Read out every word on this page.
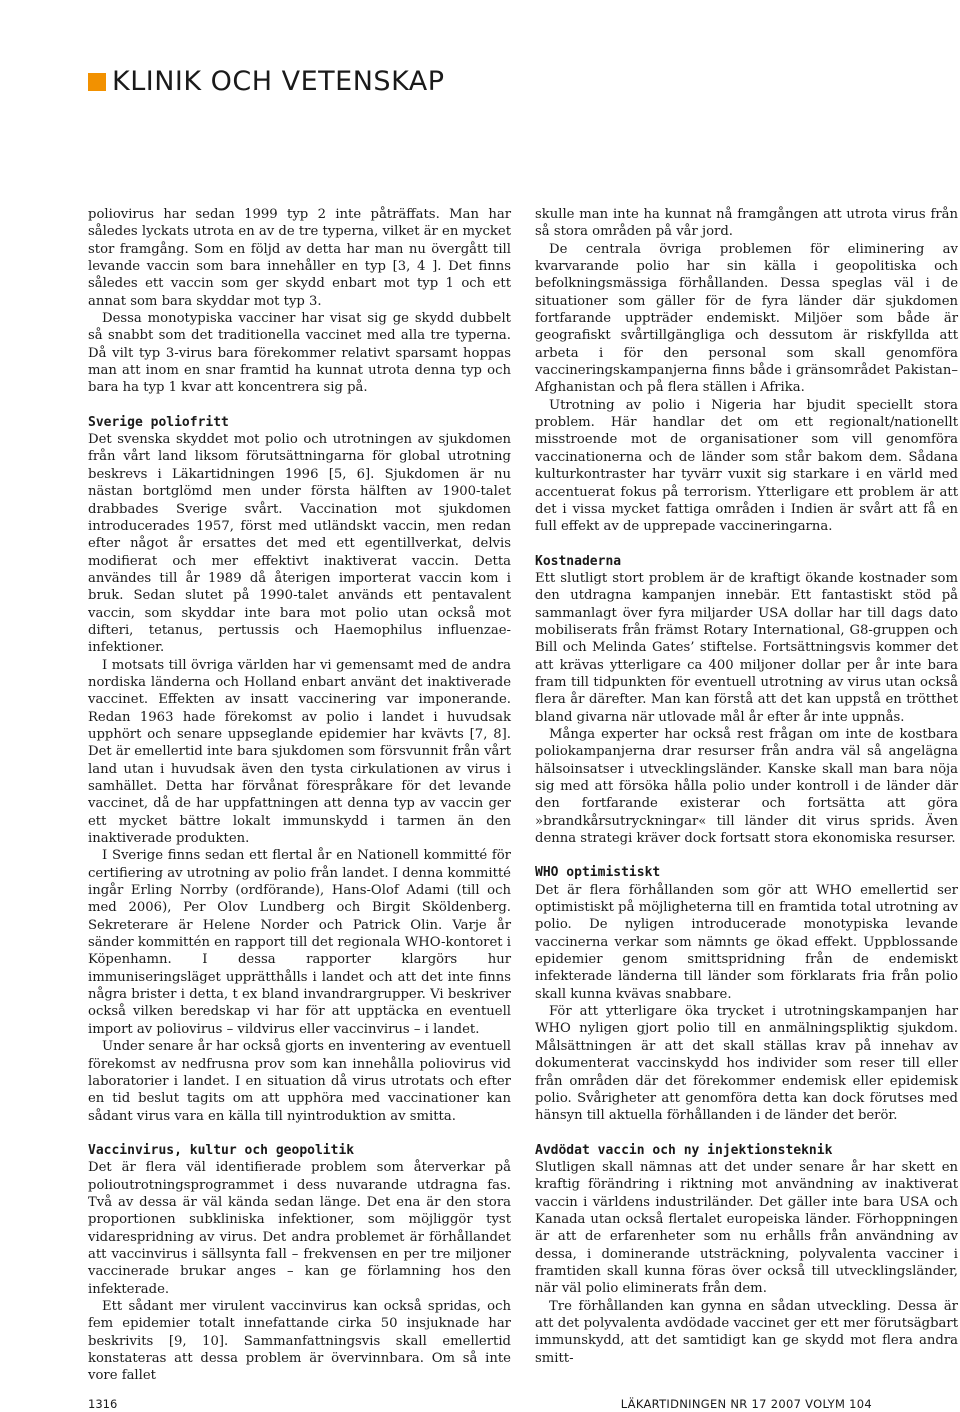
KLINIK OCH VETENSKAP

poliovirus har sedan 1999 typ 2 inte påträffats. Man har således lyckats utrota en av de tre typerna, vilket är en mycket stor framgång. Som en följd av detta har man nu övergått till levande vaccin som bara innehåller en typ [3, 4 ]. Det finns således ett vaccin som ger skydd enbart mot typ 1 och ett annat som bara skyddar mot typ 3.

Dessa monotypiska vacciner har visat sig ge skydd dubbelt så snabbt som det traditionella vaccinet med alla tre typerna. Då vilt typ 3-virus bara förekommer relativt sparsamt hoppas man att inom en snar framtid ha kunnat utrota denna typ och bara ha typ 1 kvar att koncentrera sig på.

Sverige poliofritt

Det svenska skyddet mot polio och utrotningen av sjukdomen från vårt land liksom förutsättningarna för global utrotning beskrevs i Läkartidningen 1996 [5, 6]. Sjukdomen är nu nästan bortglömd men under första hälften av 1900-talet drabbades Sverige svårt. Vaccination mot sjukdomen introducerades 1957, först med utländskt vaccin, men redan efter något år ersattes det med ett egentillverkat, delvis modifierat och mer effektivt inaktiverat vaccin. Detta användes till år 1989 då återigen importerat vaccin kom i bruk. Sedan slutet på 1990-talet används ett pentavalent vaccin, som skyddar inte bara mot polio utan också mot difteri, tetanus, pertussis och Haemophilus influenzae-infektioner.

I motsats till övriga världen har vi gemensamt med de andra nordiska länderna och Holland enbart använt det inaktiverade vaccinet. Effekten av insatt vaccinering var imponerande. Redan 1963 hade förekomst av polio i landet i huvudsak upphört och senare uppseglande epidemier har kvävts [7, 8]. Det är emellertid inte bara sjukdomen som försvunnit från vårt land utan i huvudsak även den tysta cirkulationen av virus i samhället. Detta har förvånat förespråkare för det levande vaccinet, då de har uppfattningen att denna typ av vaccin ger ett mycket bättre lokalt immunskydd i tarmen än den inaktiverade produkten.

I Sverige finns sedan ett flertal år en Nationell kommitté för certifiering av utrotning av polio från landet. I denna kommitté ingår Erling Norrby (ordförande), Hans-Olof Adami (till och med 2006), Per Olov Lundberg och Birgit Sköldenberg. Sekreterare är Helene Norder och Patrick Olin. Varje år sänder kommittén en rapport till det regionala WHO-kontoret i Köpenhamn. I dessa rapporter klargörs hur immuniseringsläget upprätthålls i landet och att det inte finns några brister i detta, t ex bland invandrargrupper. Vi beskriver också vilken beredskap vi har för att upptäcka en eventuell import av poliovirus – vildvirus eller vaccinvirus – i landet.

Under senare år har också gjorts en inventering av eventuell förekomst av nedfrusna prov som kan innehålla poliovirus vid laboratorier i landet. I en situation då virus utrotats och efter en tid beslut tagits om att upphöra med vaccinationer kan sådant virus vara en källa till nyintroduktion av smitta.

Vaccinvirus, kultur och geopolitik

Det är flera väl identifierade problem som återverkar på polioutrotningsprogrammet i dess nuvarande utdragna fas. Två av dessa är väl kända sedan länge. Det ena är den stora proportionen subkliniska infektioner, som möjliggör tyst vidarespridning av virus. Det andra problemet är förhållandet att vaccinvirus i sällsynta fall – frekvensen en per tre miljoner vaccinerade brukar anges – kan ge förlamning hos den infekterade.

Ett sådant mer virulent vaccinvirus kan också spridas, och fem epidemier totalt innefattande cirka 50 insjuknade har beskrivits [9, 10]. Sammanfattningsvis skall emellertid konstateras att dessa problem är övervinnbara. Om så inte vore fallet

skulle man inte ha kunnat nå framgången att utrota virus från så stora områden på vår jord.

De centrala övriga problemen för eliminering av kvarvarande polio har sin källa i geopolitiska och befolkningsmässiga förhållanden. Dessa speglas väl i de situationer som gäller för de fyra länder där sjukdomen fortfarande uppträder endemiskt. Miljöer som både är geografiskt svårtillgängliga och dessutom är riskfyllda att arbeta i för den personal som skall genomföra vaccineringskampanjerna finns både i gränsområdet Pakistan–Afghanistan och på flera ställen i Afrika.

Utrotning av polio i Nigeria har bjudit speciellt stora problem. Här handlar det om ett regionalt/nationellt misstroende mot de organisationer som vill genomföra vaccinationerna och de länder som står bakom dem. Sådana kulturkontraster har tyvärr vuxit sig starkare i en värld med accentuerat fokus på terrorism. Ytterligare ett problem är att det i vissa mycket fattiga områden i Indien är svårt att få en full effekt av de upprepade vaccineringarna.

Kostnaderna

Ett slutligt stort problem är de kraftigt ökande kostnader som den utdragna kampanjen innebär. Ett fantastiskt stöd på sammanlagt över fyra miljarder USA dollar har till dags dato mobiliserats från främst Rotary International, G8-gruppen och Bill och Melinda Gates’ stiftelse. Fortsättningsvis kommer det att krävas ytterligare ca 400 miljoner dollar per år inte bara fram till tidpunkten för eventuell utrotning av virus utan också flera år därefter. Man kan förstå att det kan uppstå en trötthet bland givarna när utlovade mål år efter år inte uppnås.

Många experter har också rest frågan om inte de kostbara poliokampanjerna drar resurser från andra väl så angelägna hälsoinsatser i utvecklingsländer. Kanske skall man bara nöja sig med att försöka hålla polio under kontroll i de länder där den fortfarande existerar och fortsätta att göra »brandkårsutryckningar« till länder dit virus sprids. Även denna strategi kräver dock fortsatt stora ekonomiska resurser.

WHO optimistiskt

Det är flera förhållanden som gör att WHO emellertid ser optimistiskt på möjligheterna till en framtida total utrotning av polio. De nyligen introducerade monotypiska levande vaccinerna verkar som nämnts ge ökad effekt. Uppblossande epidemier genom smittspridning från de endemiskt infekterade länderna till länder som förklarats fria från polio skall kunna kvävas snabbare.

För att ytterligare öka trycket i utrotningskampanjen har WHO nyligen gjort polio till en anmälningspliktig sjukdom. Målsättningen är att det skall ställas krav på innehav av dokumenterat vaccinskydd hos individer som reser till eller från områden där det förekommer endemisk eller epidemisk polio. Svårigheter att genomföra detta kan dock förutses med hänsyn till aktuella förhållanden i de länder det berör.

Avdödat vaccin och ny injektionsteknik

Slutligen skall nämnas att det under senare år har skett en kraftig förändring i riktning mot användning av inaktiverat vaccin i världens industriländer. Det gäller inte bara USA och Kanada utan också flertalet europeiska länder. Förhoppningen är att de erfarenheter som nu erhålls från användning av dessa, i dominerande utsträckning, polyvalenta vacciner i framtiden skall kunna föras över också till utvecklingsländer, när väl polio eliminerats från dem.

Tre förhållanden kan gynna en sådan utveckling. Dessa är att det polyvalenta avdödade vaccinet ger ett mer förutsägbart immunskydd, att det samtidigt kan ge skydd mot flera andra smitt-

1316	LÄKARTIDNINGEN NR 17 2007 VOLYM 104
